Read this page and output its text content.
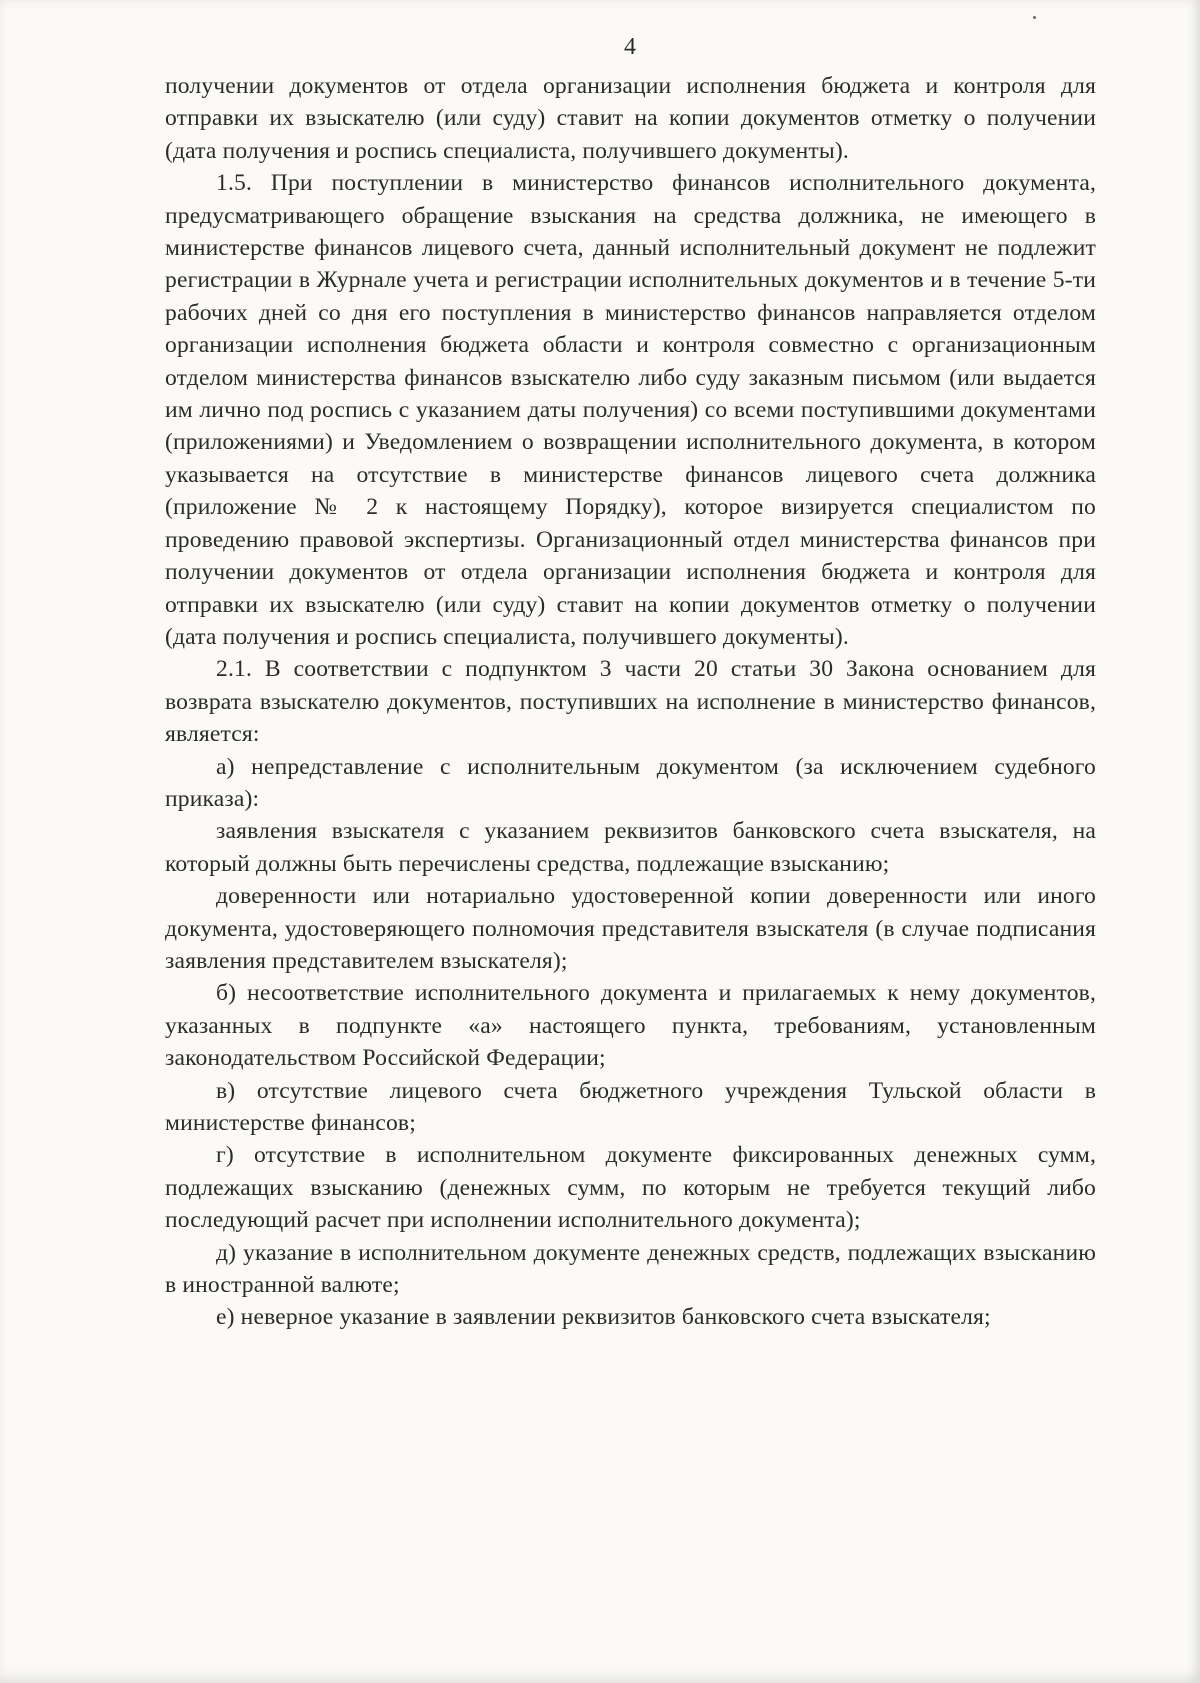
4

получении документов от отдела организации исполнения бюджета и контроля для отправки их взыскателю (или суду) ставит на копии документов отметку о получении (дата получения и роспись специалиста, получившего документы).

1.5. При поступлении в министерство финансов исполнительного документа, предусматривающего обращение взыскания на средства должника, не имеющего в министерстве финансов лицевого счета, данный исполнительный документ не подлежит регистрации в Журнале учета и регистрации исполнительных документов и в течение 5-ти рабочих дней со дня его поступления в министерство финансов направляется отделом организации исполнения бюджета области и контроля совместно с организационным отделом министерства финансов взыскателю либо суду заказным письмом (или выдается им лично под роспись с указанием даты получения) со всеми поступившими документами (приложениями) и Уведомлением о возвращении исполнительного документа, в котором указывается на отсутствие в министерстве финансов лицевого счета должника (приложение № 2 к настоящему Порядку), которое визируется специалистом по проведению правовой экспертизы. Организационный отдел министерства финансов при получении документов от отдела организации исполнения бюджета и контроля для отправки их взыскателю (или суду) ставит на копии документов отметку о получении (дата получения и роспись специалиста, получившего документы).

2.1. В соответствии с подпунктом 3 части 20 статьи 30 Закона основанием для возврата взыскателю документов, поступивших на исполнение в министерство финансов, является:

а) непредставление с исполнительным документом (за исключением судебного приказа):

заявления взыскателя с указанием реквизитов банковского счета взыскателя, на который должны быть перечислены средства, подлежащие взысканию;

доверенности или нотариально удостоверенной копии доверенности или иного документа, удостоверяющего полномочия представителя взыскателя (в случае подписания заявления представителем взыскателя);

б) несоответствие исполнительного документа и прилагаемых к нему документов, указанных в подпункте «а» настоящего пункта, требованиям, установленным законодательством Российской Федерации;

в) отсутствие лицевого счета бюджетного учреждения Тульской области в министерстве финансов;

г) отсутствие в исполнительном документе фиксированных денежных сумм, подлежащих взысканию (денежных сумм, по которым не требуется текущий либо последующий расчет при исполнении исполнительного документа);

д) указание в исполнительном документе денежных средств, подлежащих взысканию в иностранной валюте;

е) неверное указание в заявлении реквизитов банковского счета взыскателя;
